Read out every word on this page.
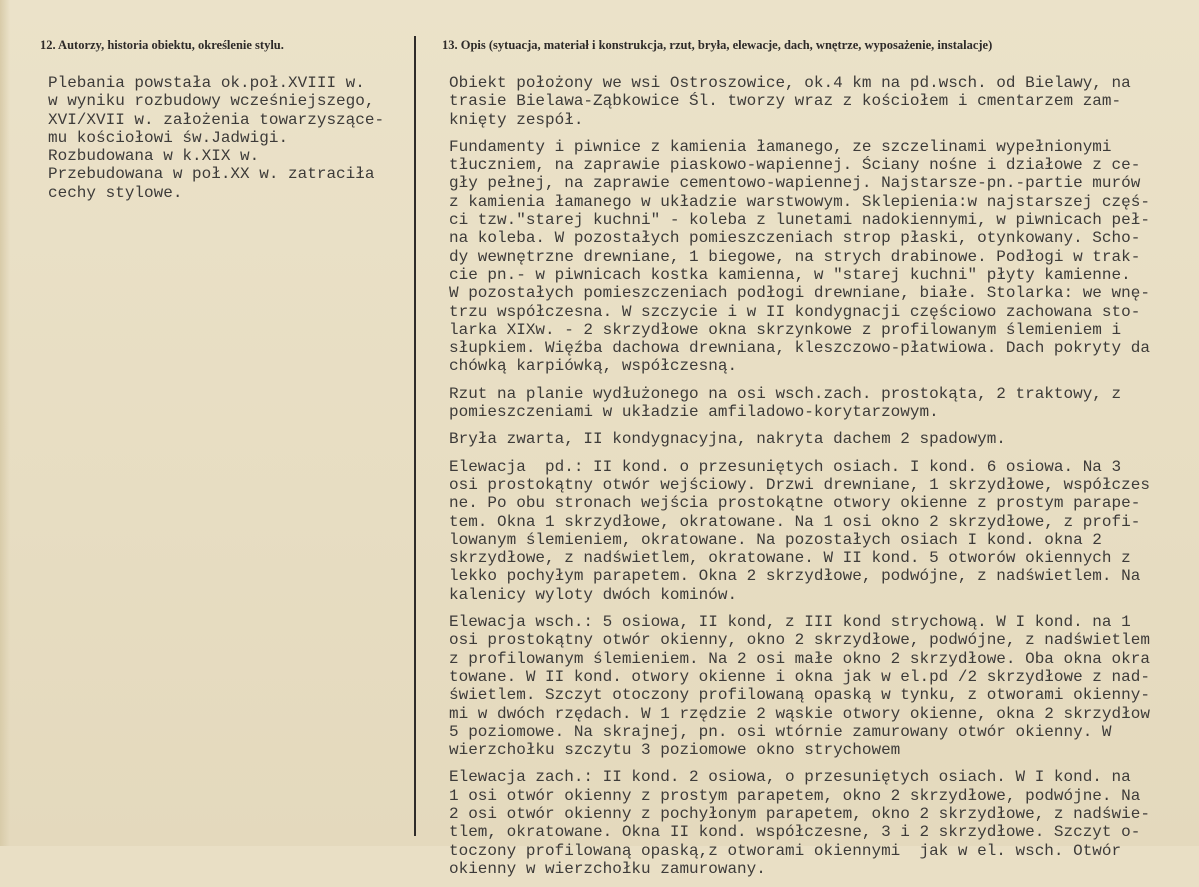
12. Autorzy, historia obiektu, określenie stylu.	13. Opis (sytuacja, materiał i konstrukcja, rzut, bryła, elewacje, dach, wnętrze, wyposażenie, instalacje)
Plebania powstała ok.poł.XVIII w.
w wyniku rozbudowy wcześniejszego,
XVI/XVII w. założenia towarzyszące-
mu kościołowi św.Jadwigi.
Rozbudowana w k.XIX w.
Przebudowana w poł.XX w. zatraciła
cechy stylowe.
Obiekt położony we wsi Ostroszowice, ok.4 km na pd.wsch. od Bielawy, na
trasie Bielawa-Ząbkowice Śl. tworzy wraz z kościołem i cmentarzem zam-
knięty zespół.
Fundamenty i piwnice z kamienia łamanego, ze szczelinami wypełnionymi
tłuczniem, na zaprawie piaskowo-wapiennej. Ściany nośne i działowe z ce-
gły pełnej, na zaprawie cementowo-wapiennej. Najstarsze-pn.-partie murów
z kamienia łamanego w układzie warstwowym. Sklepienia:w najstarszej częś-
ci tzw."starej kuchni" - koleba z lunetami nadokiennymi, w piwnicach peł-
na koleba. W pozostałych pomieszczeniach strop płaski, otynkowany. Scho-
dy wewnętrzne drewniane, 1 biegowe, na strych drabinowe. Podłogi w trak-
cie pn.- w piwnicach kostka kamienna, w "starej kuchni" płyty kamienne.
W pozostałych pomieszczeniach podłogi drewniane, białe. Stolarka: we wnę-
trzu współczesna. W szczycie i w II kondygnacji częściowo zachowana sto-
larka XIXw. - 2 skrzydłowe okna skrzynkowe z profilowanym ślemieniem i
słupkiem. Więźba dachowa drewniana, kleszczowo-płatwiowa. Dach pokryty da
chówką karpiówką, współczesną.
Rzut na planie wydłużonego na osi wsch.zach. prostokąta, 2 traktowy, z
pomieszczeniami w układzie amfiladowo-korytarzowym.
Bryła zwarta, II kondygnacyjna, nakryta dachem 2 spadowym.
Elewacja  pd.: II kond. o przesuniętych osiach. I kond. 6 osiowa. Na 3
osi prostokątny otwór wejściowy. Drzwi drewniane, 1 skrzydłowe, współczes
ne. Po obu stronach wejścia prostokątne otwory okienne z prostym parape-
tem. Okna 1 skrzydłowe, okratowane. Na 1 osi okno 2 skrzydłowe, z profi-
lowanym ślemieniem, okratowane. Na pozostałych osiach I kond. okna 2
skrzydłowe, z nadświetlem, okratowane. W II kond. 5 otworów okiennych z
lekko pochyłym parapetem. Okna 2 skrzydłowe, podwójne, z nadświetlem. Na
kalenicy wyloty dwóch kominów.
Elewacja wsch.: 5 osiowa, II kond, z III kond strychową. W I kond. na 1
osi prostokątny otwór okienny, okno 2 skrzydłowe, podwójne, z nadświetlem
z profilowanym ślemieniem. Na 2 osi małe okno 2 skrzydłowe. Oba okna okra
towane. W II kond. otwory okienne i okna jak w el.pd /2 skrzydłowe z nad-
świetlem. Szczyt otoczony profilowaną opaską w tynku, z otworami okienny-
mi w dwóch rzędach. W 1 rzędzie 2 wąskie otwory okienne, okna 2 skrzydłow
5 poziomowe. Na skrajnej, pn. osi wtórnie zamurowany otwór okienny. W
wierzchołku szczytu 3 poziomowe okno strychowem
Elewacja zach.: II kond. 2 osiowa, o przesuniętych osiach. W I kond. na
1 osi otwór okienny z prostym parapetem, okno 2 skrzydłowe, podwójne. Na
2 osi otwór okienny z pochyłonym parapetem, okno 2 skrzydłowe, z nadświe-
tlem, okratowane. Okna II kond. współczesne, 3 i 2 skrzydłowe. Szczyt o-
toczony profilowaną opaską,z otworami okiennymi  jak w el. wsch. Otwór
okienny w wierzchołku zamurowany.
